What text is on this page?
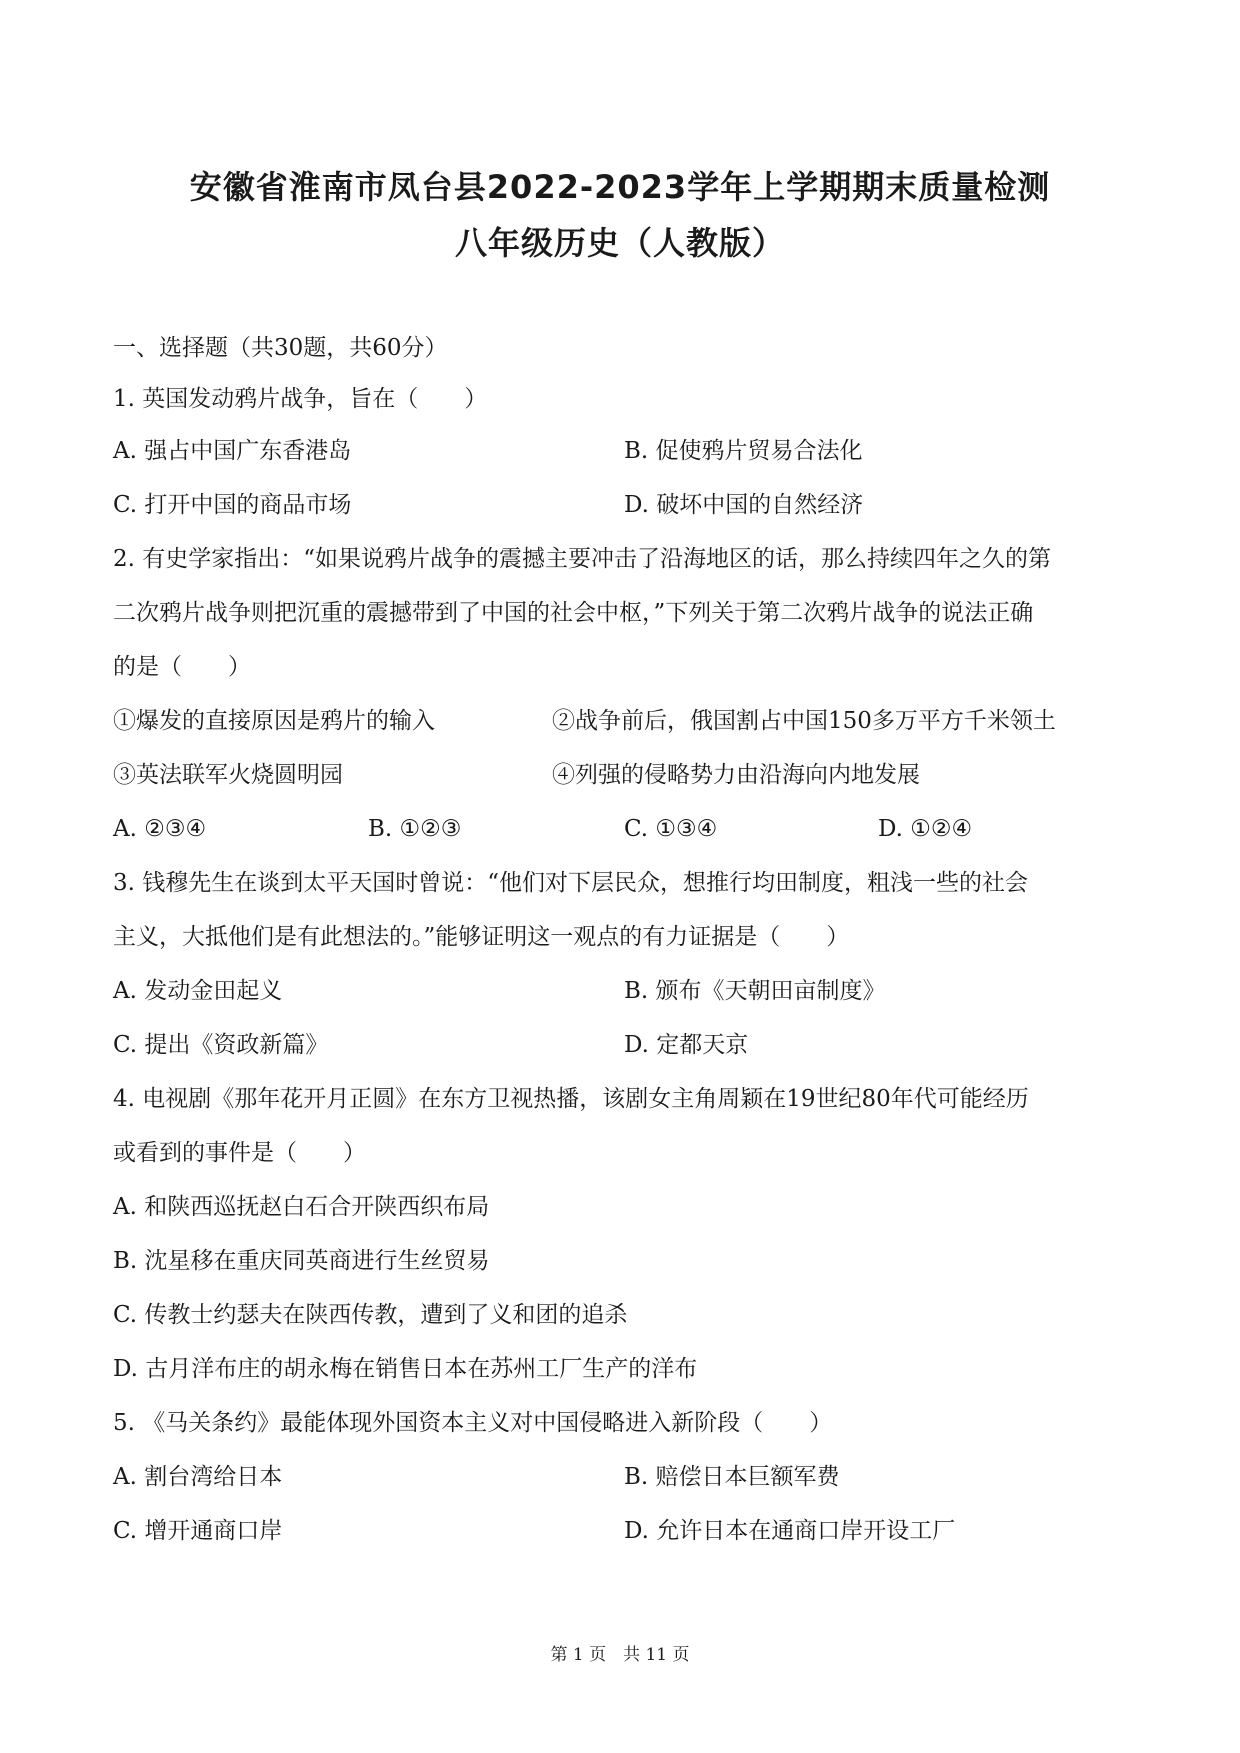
安徽省淮南市凤台县2022-2023学年上学期期末质量检测
八年级历史（人教版）
一、选择题（共30题，共60分）
1. 英国发动鸦片战争，旨在（　　）
A. 强占中国广东香港岛	B. 促使鸦片贸易合法化
C. 打开中国的商品市场	D. 破坏中国的自然经济
2. 有史学家指出：“如果说鸦片战争的震撼主要冲击了沿海地区的话，那么持续四年之久的第
二次鸦片战争则把沉重的震撼带到了中国的社会中枢，”下列关于第二次鸦片战争的说法正确
的是（　　）
①爆发的直接原因是鸦片的输入	②战争前后，俄国割占中国150多万平方千米领土
③英法联军火烧圆明园	④列强的侵略势力由沿海向内地发展
A. ②③④	B. ①②③	C. ①③④	D. ①②④
3. 钱穆先生在谈到太平天国时曾说：“他们对下层民众，想推行均田制度，粗浅一些的社会
主义，大抵他们是有此想法的。”能够证明这一观点的有力证据是（　　）
A. 发动金田起义	B. 颁布《天朝田亩制度》
C. 提出《资政新篇》	D. 定都天京
4. 电视剧《那年花开月正圆》在东方卫视热播，该剧女主角周颖在19世纪80年代可能经历
或看到的事件是（　　）
A. 和陕西巡抚赵白石合开陕西织布局
B. 沈星移在重庆同英商进行生丝贸易
C. 传教士约瑟夫在陕西传教，遭到了义和团的追杀
D. 古月洋布庄的胡永梅在销售日本在苏州工厂生产的洋布
5. 《马关条约》最能体现外国资本主义对中国侵略进入新阶段（　　）
A. 割台湾给日本	B. 赔偿日本巨额军费
C. 增开通商口岸	D. 允许日本在通商口岸开设工厂
第 1 页　共 11 页
